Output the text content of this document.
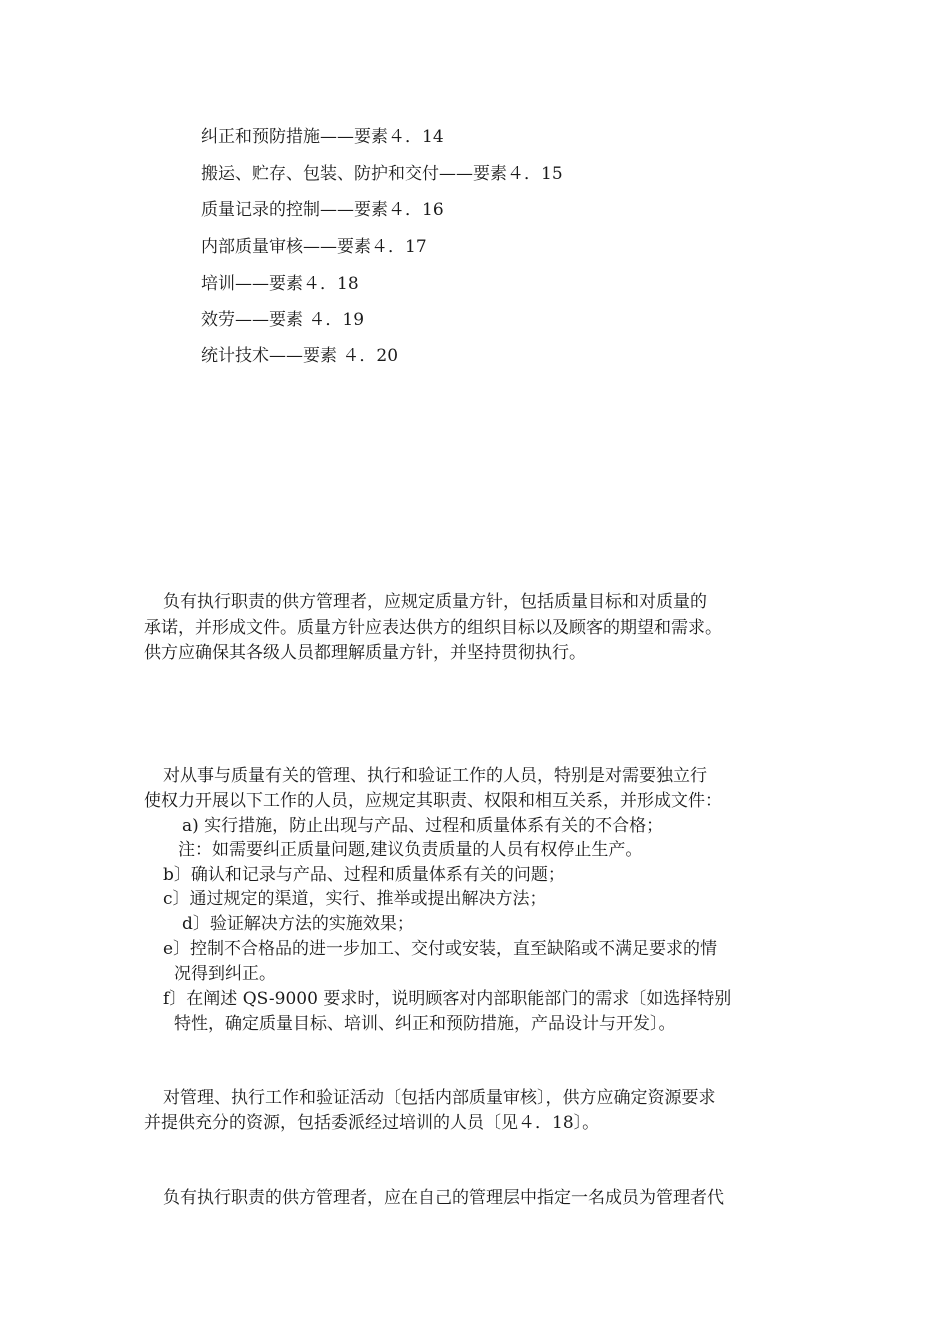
纠正和预防措施——要素４．14
搬运、贮存、包装、防护和交付——要素４．15
质量记录的控制——要素４．16
内部质量审核——要素４．17
培训——要素４．18
效劳——要素 ４．19
统计技术——要素 ４．20
负有执行职责的供方管理者，应规定质量方针，包括质量目标和对质量的
承诺，并形成文件。质量方针应表达供方的组织目标以及顾客的期望和需求。
供方应确保其各级人员都理解质量方针，并坚持贯彻执行。
对从事与质量有关的管理、执行和验证工作的人员，特别是对需要独立行
使权力开展以下工作的人员，应规定其职责、权限和相互关系，并形成文件：
a) 实行措施，防止出现与产品、过程和质量体系有关的不合格；
注：如需要纠正质量问题,建议负责质量的人员有权停止生产。
b〕确认和记录与产品、过程和质量体系有关的问题；
c〕通过规定的渠道，实行、推举或提出解决方法；
d〕验证解决方法的实施效果；
e〕控制不合格品的进一步加工、交付或安装，直至缺陷或不满足要求的情
况得到纠正。
f〕在阐述 QS-9000 要求时，说明顾客对内部职能部门的需求〔如选择特别
特性，确定质量目标、培训、纠正和预防措施，产品设计与开发〕。
对管理、执行工作和验证活动〔包括内部质量审核〕，供方应确定资源要求
并提供充分的资源，包括委派经过培训的人员〔见４．18〕。
负有执行职责的供方管理者，应在自己的管理层中指定一名成员为管理者代
